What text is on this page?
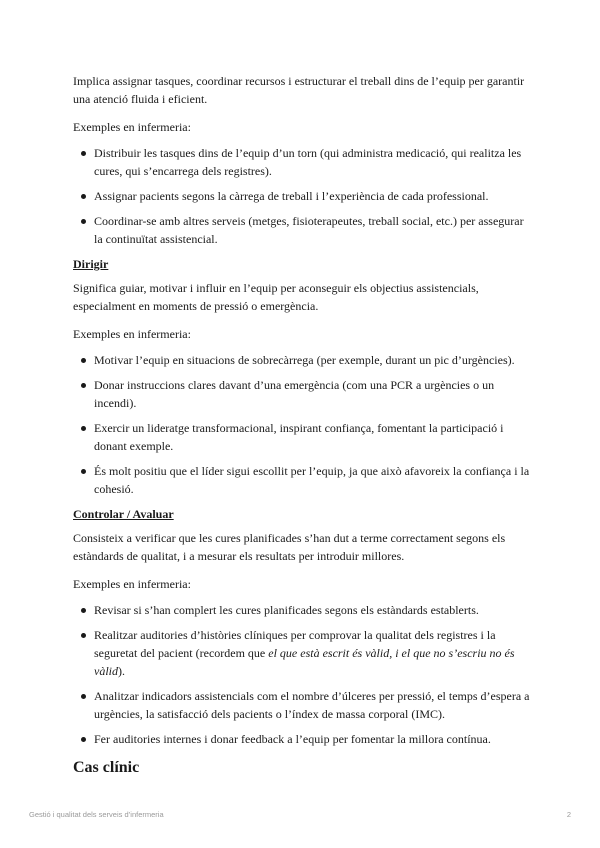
Implica assignar tasques, coordinar recursos i estructurar el treball dins de l’equip per garantir una atenció fluida i eficient.

Exemples en infermeria:

Distribuir les tasques dins de l’equip d’un torn (qui administra medicació, qui realitza les cures, qui s’encarrega dels registres).
Assignar pacients segons la càrrega de treball i l’experiència de cada professional.
Coordinar-se amb altres serveis (metges, fisioterapeutes, treball social, etc.) per assegurar la continuïtat assistencial.

Dirigir

Significa guiar, motivar i influir en l’equip per aconseguir els objectius assistencials, especialment en moments de pressió o emergència.

Exemples en infermeria:

Motivar l’equip en situacions de sobrecàrrega (per exemple, durant un pic d’urgències).
Donar instruccions clares davant d’una emergència (com una PCR a urgències o un incendi).
Exercir un lideratge transformacional, inspirant confiança, fomentant la participació i donant exemple.
És molt positiu que el líder sigui escollit per l’equip, ja que això afavoreix la confiança i la cohesió.

Controlar / Avaluar

Consisteix a verificar que les cures planificades s’han dut a terme correctament segons els estàndards de qualitat, i a mesurar els resultats per introduir millores.

Exemples en infermeria:

Revisar si s’han complert les cures planificades segons els estàndards establerts.
Realitzar auditories d’històries clíniques per comprovar la qualitat dels registres i la seguretat del pacient (recordem que el que està escrit és vàlid, i el que no s’escriu no és vàlid).
Analitzar indicadors assistencials com el nombre d’úlceres per pressió, el temps d’espera a urgències, la satisfacció dels pacients o l’índex de massa corporal (IMC).
Fer auditories internes i donar feedback a l’equip per fomentar la millora contínua.

Cas clínic

Gestió i qualitat dels serveis d’infermeria	2
